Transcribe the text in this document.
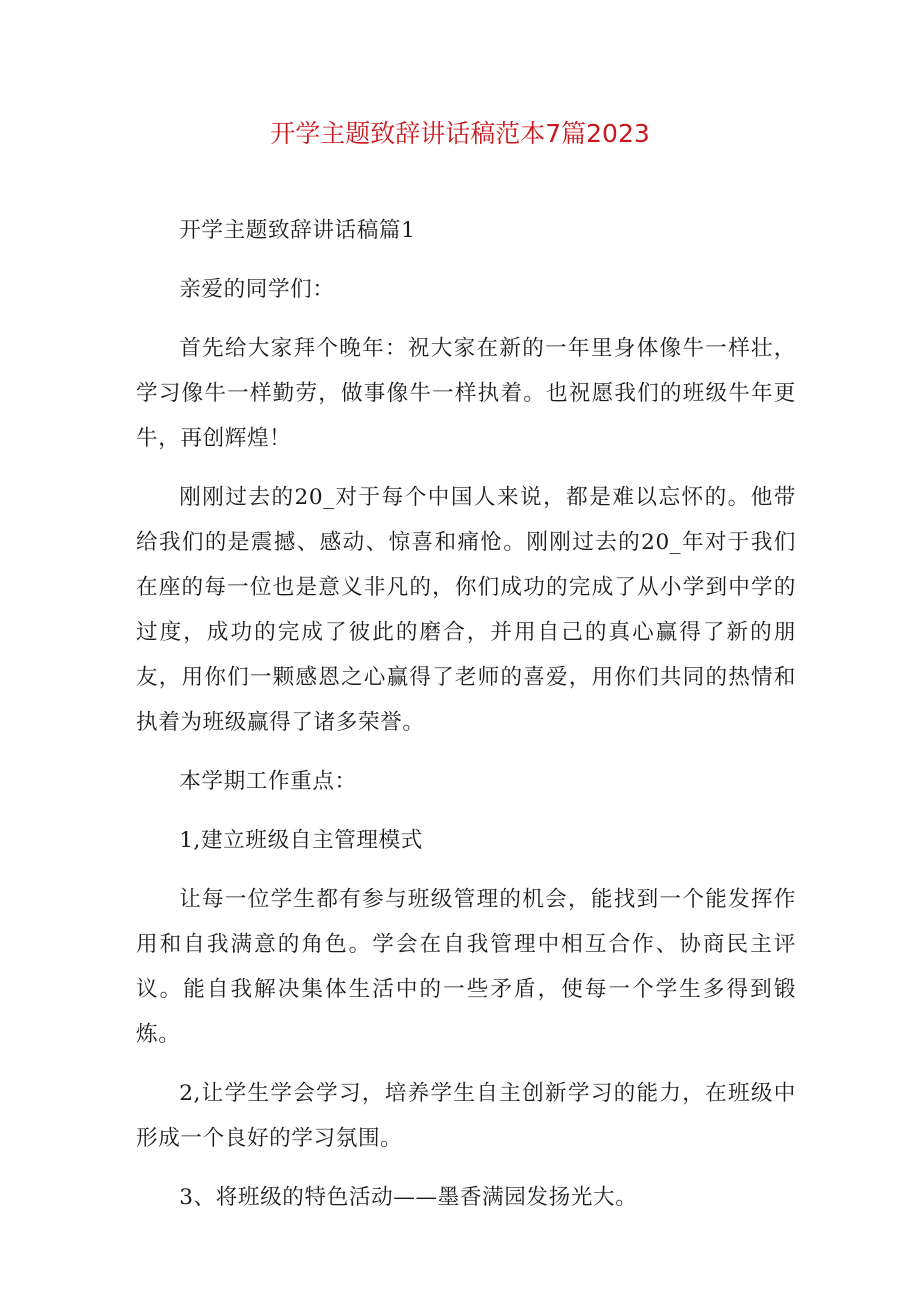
开学主题致辞讲话稿范本7篇2023

开学主题致辞讲话稿篇1

亲爱的同学们：

首先给大家拜个晚年：祝大家在新的一年里身体像牛一样壮，学习像牛一样勤劳，做事像牛一样执着。也祝愿我们的班级牛年更牛，再创辉煌！

刚刚过去的20_对于每个中国人来说，都是难以忘怀的。他带给我们的是震撼、感动、惊喜和痛怆。刚刚过去的20_年对于我们在座的每一位也是意义非凡的，你们成功的完成了从小学到中学的过度，成功的完成了彼此的磨合，并用自己的真心赢得了新的朋友，用你们一颗感恩之心赢得了老师的喜爱，用你们共同的热情和执着为班级赢得了诸多荣誉。

本学期工作重点：

1,建立班级自主管理模式

让每一位学生都有参与班级管理的机会，能找到一个能发挥作用和自我满意的角色。学会在自我管理中相互合作、协商民主评议。能自我解决集体生活中的一些矛盾，使每一个学生多得到锻炼。

2,让学生学会学习，培养学生自主创新学习的能力，在班级中形成一个良好的学习氛围。

3、将班级的特色活动——墨香满园发扬光大。
